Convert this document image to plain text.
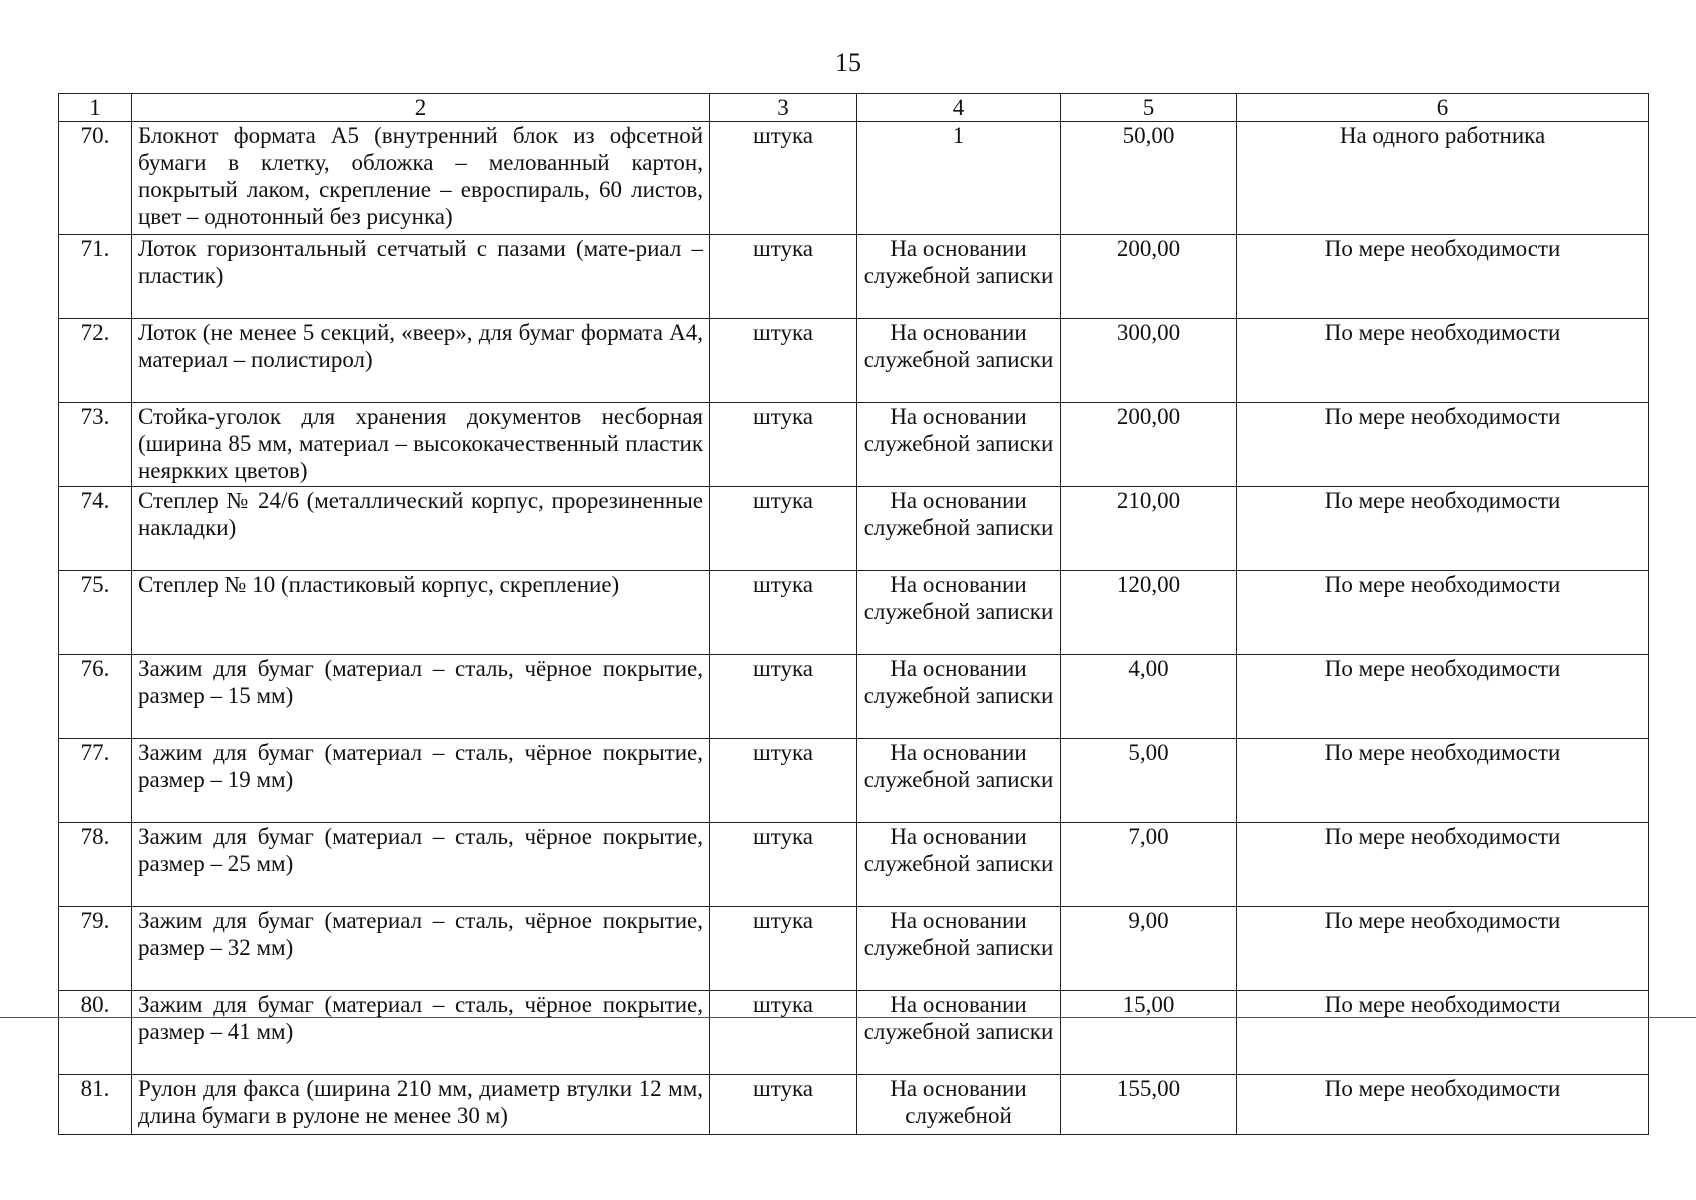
15
1	2	3	4	5	6
70.	Блокнот формата А5 (внутренний блок из офсетной бумаги в клетку, обложка – мелованный картон, покрытый лаком, скрепление – евроспираль, 60 листов, цвет – однотонный без рисунка)	штука	1	50,00	На одного работника
71.	Лоток горизонтальный сетчатый с пазами (мате-риал – пластик)	штука	На основании служебной записки	200,00	По мере необходимости
72.	Лоток (не менее 5 секций, «веер», для бумаг формата А4, материал – полистирол)	штука	На основании служебной записки	300,00	По мере необходимости
73.	Стойка-уголок для хранения документов несборная (ширина 85 мм, материал – высококачественный пластик неяркких цветов)	штука	На основании служебной записки	200,00	По мере необходимости
74.	Степлер № 24/6 (металлический корпус, прорезиненные накладки)	штука	На основании служебной записки	210,00	По мере необходимости
75.	Степлер № 10 (пластиковый корпус, скрепление)	штука	На основании служебной записки	120,00	По мере необходимости
76.	Зажим для бумаг (материал – сталь, чёрное покрытие, размер – 15 мм)	штука	На основании служебной записки	4,00	По мере необходимости
77.	Зажим для бумаг (материал – сталь, чёрное покрытие, размер – 19 мм)	штука	На основании служебной записки	5,00	По мере необходимости
78.	Зажим для бумаг (материал – сталь, чёрное покрытие, размер – 25 мм)	штука	На основании служебной записки	7,00	По мере необходимости
79.	Зажим для бумаг (материал – сталь, чёрное покрытие, размер – 32 мм)	штука	На основании служебной записки	9,00	По мере необходимости
80.	Зажим для бумаг (материал – сталь, чёрное покрытие, размер – 41 мм)	штука	На основании служебной записки	15,00	По мере необходимости
81.	Рулон для факса (ширина 210 мм, диаметр втулки 12 мм, длина бумаги в рулоне не менее 30 м)	штука	На основании служебной	155,00	По мере необходимости
